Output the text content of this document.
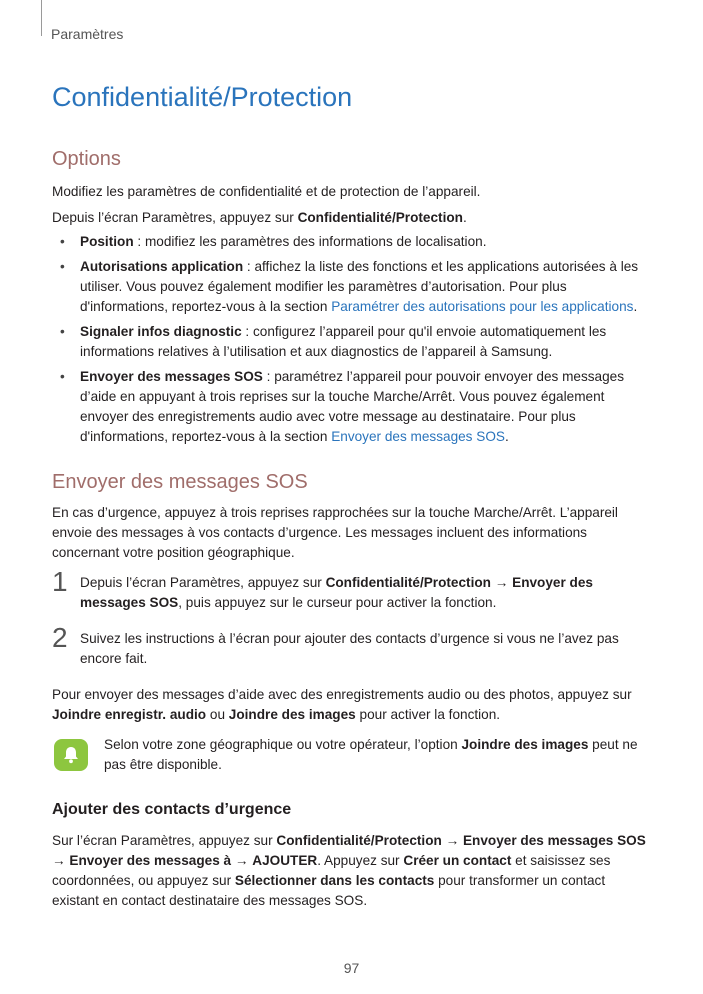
Paramètres
Confidentialité/Protection
Options

Modifiez les paramètres de confidentialité et de protection de l’appareil.

Depuis l’écran Paramètres, appuyez sur Confidentialité/Protection.

• Position : modifiez les paramètres des informations de localisation.
• Autorisations application : affichez la liste des fonctions et les applications autorisées à les utiliser. Vous pouvez également modifier les paramètres d’autorisation. Pour plus d'informations, reportez-vous à la section Paramétrer des autorisations pour les applications.
• Signaler infos diagnostic : configurez l’appareil pour qu'il envoie automatiquement les informations relatives à l’utilisation et aux diagnostics de l’appareil à Samsung.
• Envoyer des messages SOS : paramétrez l’appareil pour pouvoir envoyer des messages d’aide en appuyant à trois reprises sur la touche Marche/Arrêt. Vous pouvez également envoyer des enregistrements audio avec votre message au destinataire. Pour plus d'informations, reportez-vous à la section Envoyer des messages SOS.
Envoyer des messages SOS

En cas d’urgence, appuyez à trois reprises rapprochées sur la touche Marche/Arrêt. L’appareil envoie des messages à vos contacts d’urgence. Les messages incluent des informations concernant votre position géographique.

1 Depuis l’écran Paramètres, appuyez sur Confidentialité/Protection → Envoyer des messages SOS, puis appuyez sur le curseur pour activer la fonction.
2 Suivez les instructions à l’écran pour ajouter des contacts d’urgence si vous ne l’avez pas encore fait.

Pour envoyer des messages d’aide avec des enregistrements audio ou des photos, appuyez sur Joindre enregistr. audio ou Joindre des images pour activer la fonction.

Selon votre zone géographique ou votre opérateur, l’option Joindre des images peut ne pas être disponible.
Ajouter des contacts d’urgence

Sur l’écran Paramètres, appuyez sur Confidentialité/Protection → Envoyer des messages SOS → Envoyer des messages à → AJOUTER. Appuyez sur Créer un contact et saisissez ses coordonnées, ou appuyez sur Sélectionner dans les contacts pour transformer un contact existant en contact destinataire des messages SOS.

97
